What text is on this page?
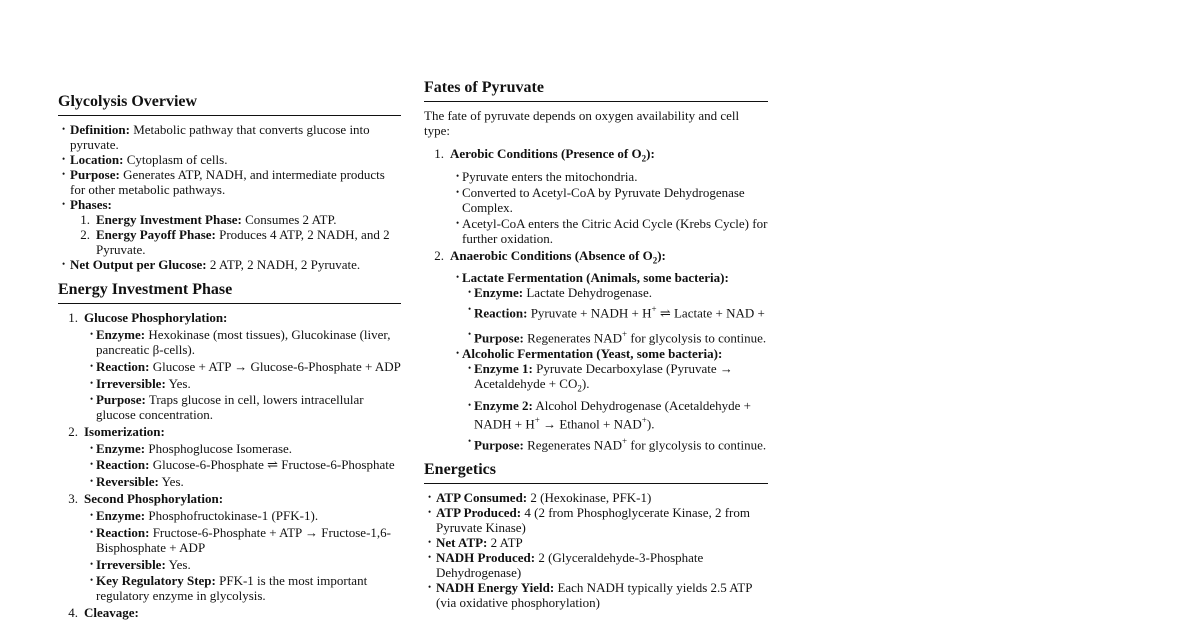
Glycolysis Overview
• Definition: Metabolic pathway that converts glucose into pyruvate.
• Location: Cytoplasm of cells.
• Purpose: Generates ATP, NADH, and intermediate products for other metabolic pathways.
• Phases:
1. Energy Investment Phase: Consumes 2 ATP.
2. Energy Payoff Phase: Produces 4 ATP, 2 NADH, and 2 Pyruvate.
• Net Output per Glucose: 2 ATP, 2 NADH, 2 Pyruvate.
Energy Investment Phase
1. Glucose Phosphorylation:
• Enzyme: Hexokinase (most tissues), Glucokinase (liver, pancreatic β-cells).
• Reaction: Glucose + ATP → Glucose-6-Phosphate + ADP
• Irreversible: Yes.
• Purpose: Traps glucose in cell, lowers intracellular glucose concentration.
2. Isomerization:
• Enzyme: Phosphoglucose Isomerase.
• Reaction: Glucose-6-Phosphate ⇌ Fructose-6-Phosphate
• Reversible: Yes.
3. Second Phosphorylation:
• Enzyme: Phosphofructokinase-1 (PFK-1).
• Reaction: Fructose-6-Phosphate + ATP → Fructose-1,6-Bisphosphate + ADP
• Irreversible: Yes.
• Key Regulatory Step: PFK-1 is the most important regulatory enzyme in glycolysis.
4. Cleavage:
Fates of Pyruvate

The fate of pyruvate depends on oxygen availability and cell type:

1. Aerobic Conditions (Presence of $O_2$):
• Pyruvate enters the mitochondria.
• Converted to Acetyl-CoA by Pyruvate Dehydrogenase Complex.
• Acetyl-CoA enters the Citric Acid Cycle (Krebs Cycle) for further oxidation.
2. Anaerobic Conditions (Absence of $O_2$):
• Lactate Fermentation (Animals, some bacteria):
• Enzyme: Lactate Dehydrogenase.
• Reaction: Pyruvate + NADH + H+ ⇌ Lactate + NAD +
• Purpose: Regenerates NAD+ for glycolysis to continue.
• Alcoholic Fermentation (Yeast, some bacteria):
• Enzyme 1: Pyruvate Decarboxylase (Pyruvate → Acetaldehyde + $CO_2$).
• Enzyme 2: Alcohol Dehydrogenase (Acetaldehyde + NADH + H+ → Ethanol + NAD+).
• Purpose: Regenerates NAD+ for glycolysis to continue.
Energetics
• ATP Consumed: 2 (Hexokinase, PFK-1)
• ATP Produced: 4 (2 from Phosphoglycerate Kinase, 2 from Pyruvate Kinase)
• Net ATP: 2 ATP
• NADH Produced: 2 (Glyceraldehyde-3-Phosphate Dehydrogenase)
• NADH Energy Yield: Each NADH typically yields 2.5 ATP (via oxidative phosphorylation)
